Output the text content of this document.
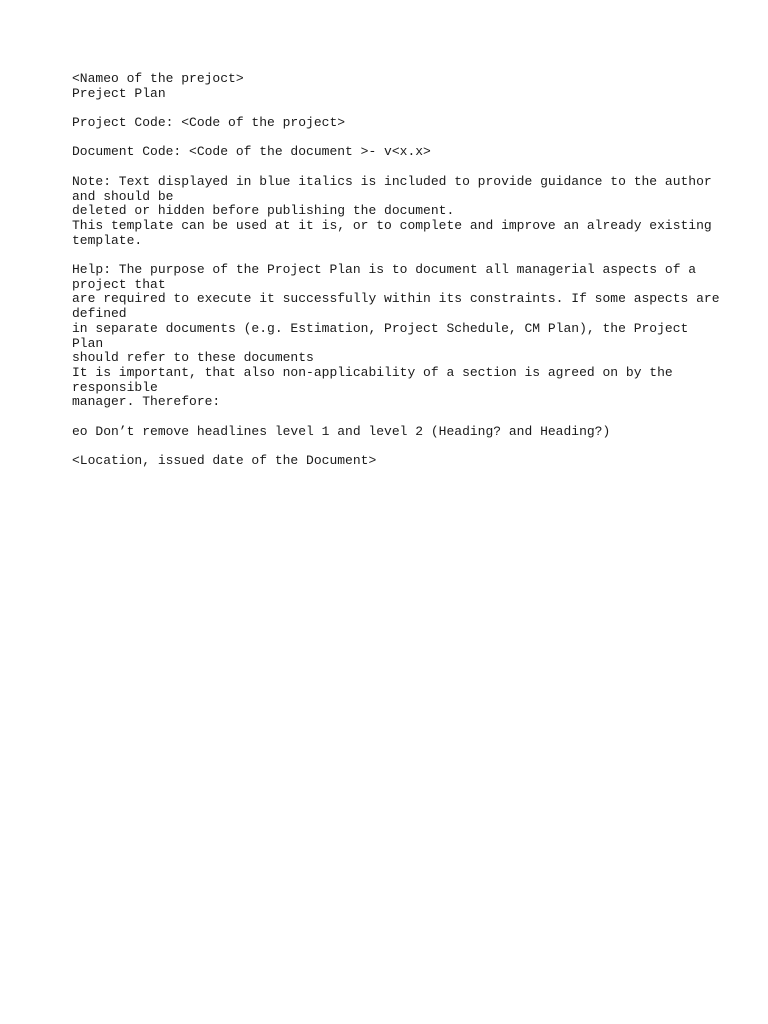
<Nameo of the prejoct>
Preject Plan
Project Code: <Code of the project>
Document Code: <Code of the document >- v<x.x>
Note: Text displayed in blue italics is included to provide guidance to the author
and should be
deleted or hidden before publishing the document.
This template can be used at it is, or to complete and improve an already existing
template.
Help: The purpose of the Project Plan is to document all managerial aspects of a
project that
are required to execute it successfully within its constraints. If some aspects are
defined
in separate documents (e.g. Estimation, Project Schedule, CM Plan), the Project
Plan
should refer to these documents
It is important, that also non-applicability of a section is agreed on by the
responsible
manager. Therefore:
eo Don’t remove headlines level 1 and level 2 (Heading? and Heading?)
<Location, issued date of the Document>
